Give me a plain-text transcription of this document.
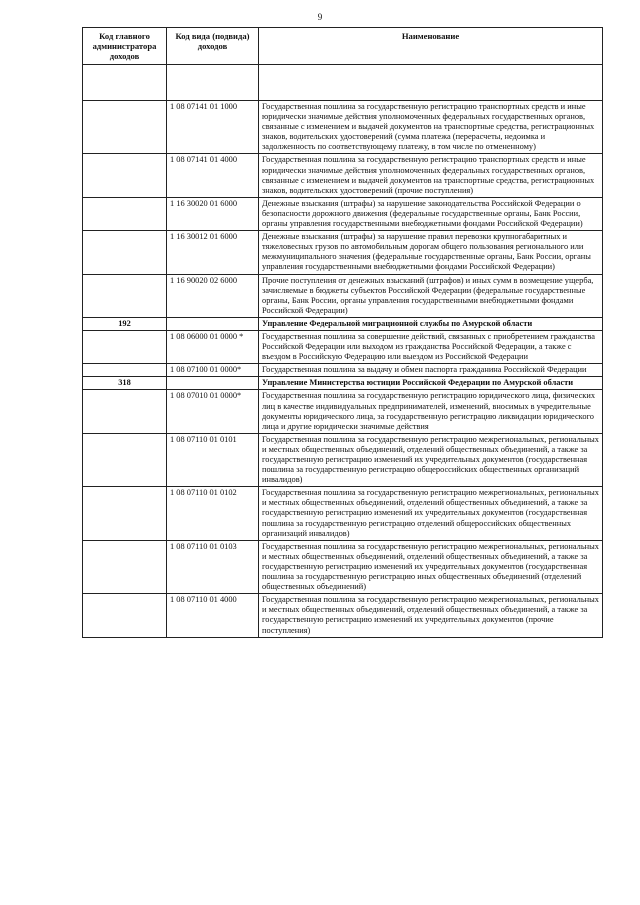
9
Код главного администратора доходов	Код вида (подвида) доходов	Наименование

	1 08 07141 01 1000	Государственная пошлина за государственную регистрацию транспортных средств и иные юридически значимые действия уполномоченных федеральных государственных органов, связанные с изменением и выдачей документов на транспортные средства, регистрационных знаков, водительских удостоверений (сумма платежа (перерасчеты, недоимка и задолженность по соответствующему платежу, в том числе по отмененному)
	1 08 07141 01 4000	Государственная пошлина за государственную регистрацию транспортных средств и иные юридически значимые действия уполномоченных федеральных государственных органов, связанные с изменением и выдачей документов на транспортные средства, регистрационных знаков, водительских удостоверений (прочие поступления)
	1 16 30020 01 6000	Денежные взыскания (штрафы) за нарушение законодательства Российской Федерации о безопасности дорожного движения (федеральные государственные органы, Банк России, органы управления государственными внебюджетными фондами Российской Федерации)
	1 16 30012 01 6000	Денежные взыскания (штрафы) за нарушение правил перевозки крупногабаритных и тяжеловесных грузов по автомобильным дорогам общего пользования регионального или межмуниципального значения (федеральные государственные органы, Банк России, органы управления государственными внебюджетными фондами Российской Федерации)
	1 16 90020 02 6000	Прочие поступления от денежных взысканий (штрафов) и иных сумм в возмещение ущерба, зачисляемые в бюджеты субъектов Российской Федерации (федеральные государственные органы, Банк России, органы управления государственными внебюджетными фондами Российской Федерации)
192		Управление Федеральной миграционной службы по Амурской области
	1 08 06000 01 0000 *	Государственная пошлина за совершение действий, связанных с приобретением гражданства Российской Федерации или выходом из гражданства Российской Федерации, а также с въездом в Российскую Федерацию или выездом из Российской Федерации
	1 08 07100 01 0000*	Государственная пошлина за выдачу и обмен паспорта гражданина Российской Федерации
318		Управление Министерства юстиции Российской Федерации по Амурской области
	1 08 07010 01 0000*	Государственная пошлина за государственную регистрацию юридического лица, физических лиц в качестве индивидуальных предпринимателей, изменений, вносимых в учредительные документы юридического лица, за государственную регистрацию ликвидации юридического лица и другие юридически значимые действия
	1 08 07110 01 0101	Государственная пошлина за государственную регистрацию межрегиональных, региональных и местных общественных объединений, отделений общественных объединений, а также за государственную регистрацию изменений их учредительных документов (государственная пошлина за государственную регистрацию общероссийских общественных организаций инвалидов)
	1 08 07110 01 0102	Государственная пошлина за государственную регистрацию межрегиональных, региональных и местных общественных объединений, отделений общественных объединений, а также за государственную регистрацию изменений их учредительных документов (государственная пошлина за государственную регистрацию отделений общероссийских общественных организаций инвалидов)
	1 08 07110 01 0103	Государственная пошлина за государственную регистрацию межрегиональных, региональных и местных общественных объединений, отделений общественных объединений, а также за государственную регистрацию изменений их учредительных документов (государственная пошлина за государственную регистрацию иных общественных объединений (отделений общественных объединений)
	1 08 07110 01 4000	Государственная пошлина за государственную регистрацию межрегиональных, региональных и местных общественных объединений, отделений общественных объединений, а также за государственную регистрацию изменений их учредительных документов (прочие поступления)
